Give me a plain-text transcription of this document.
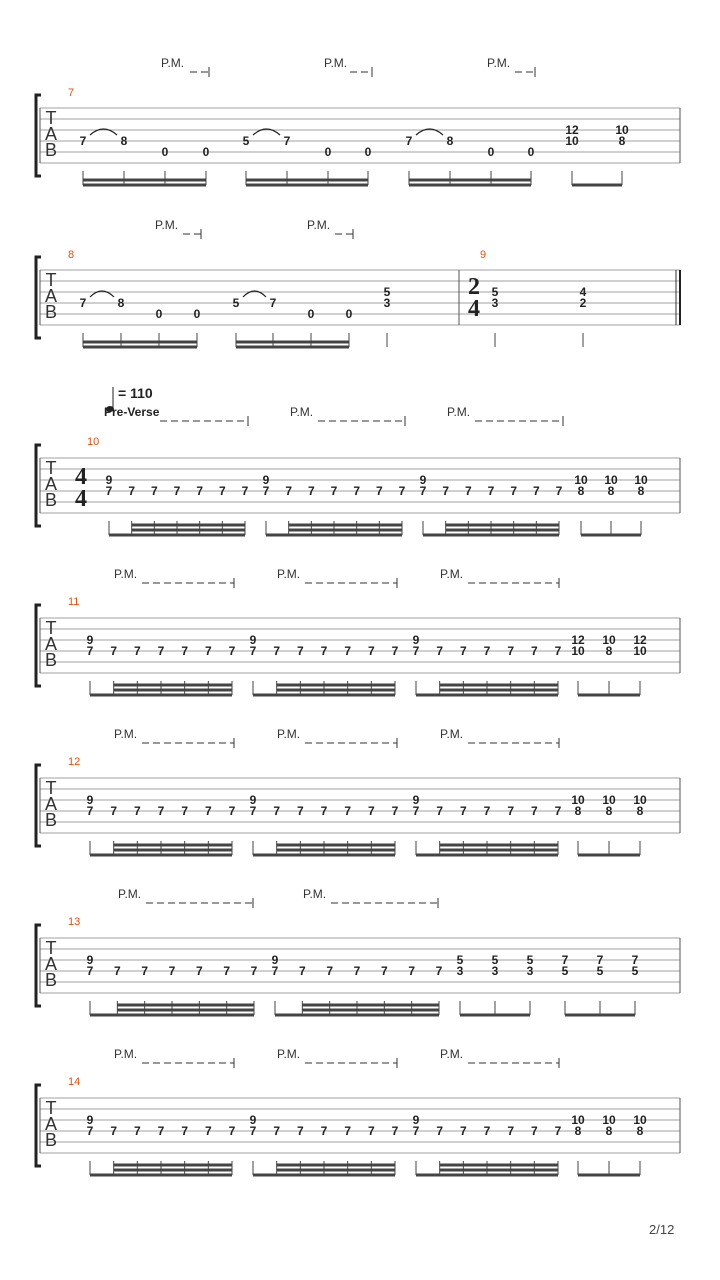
T
A
B
7
P.M.	P.M.	P.M.
7	8
0	0
5	7
0	0
7	8
0	0
12
10
10
8
T
A
B
8	9
P.M.	P.M.
7	8
0	0
5	7
0	0
5
3
5
3
4
2
2
4
T
A
B
10
P.M.	P.M.
9
7 7 7 7 7 7 7
9
7 7 7 7 7 7 7
9
7 7 7 7 7 7 7
10
8
10
8
10
8
4
4
= 110
Pre-Verse
T
A
B
11
P.M.	P.M.	P.M.
9
7 7 7 7 7 7 7
9
7 7 7 7 7 7 7
9
7 7 7 7 7 7 7
12
10
10
8
12
10
T
A
B
12
P.M.	P.M.	P.M.
9
7 7 7 7 7 7 7
9
7 7 7 7 7 7 7
9
7 7 7 7 7 7 7
10
8
10
8
10
8
T
A
B
13
P.M.	P.M.
9
7 7 7 7 7 7 7
9
7 7 7 7 7 7 7
5
3
5
3
5
3
7
5
7
5
7
5
T
A
B
14
P.M.	P.M.	P.M.
9
7 7 7 7 7 7 7
9
7 7 7 7 7 7 7
9
7 7 7 7 7 7 7
10
8
10
8
10
8
2/12
